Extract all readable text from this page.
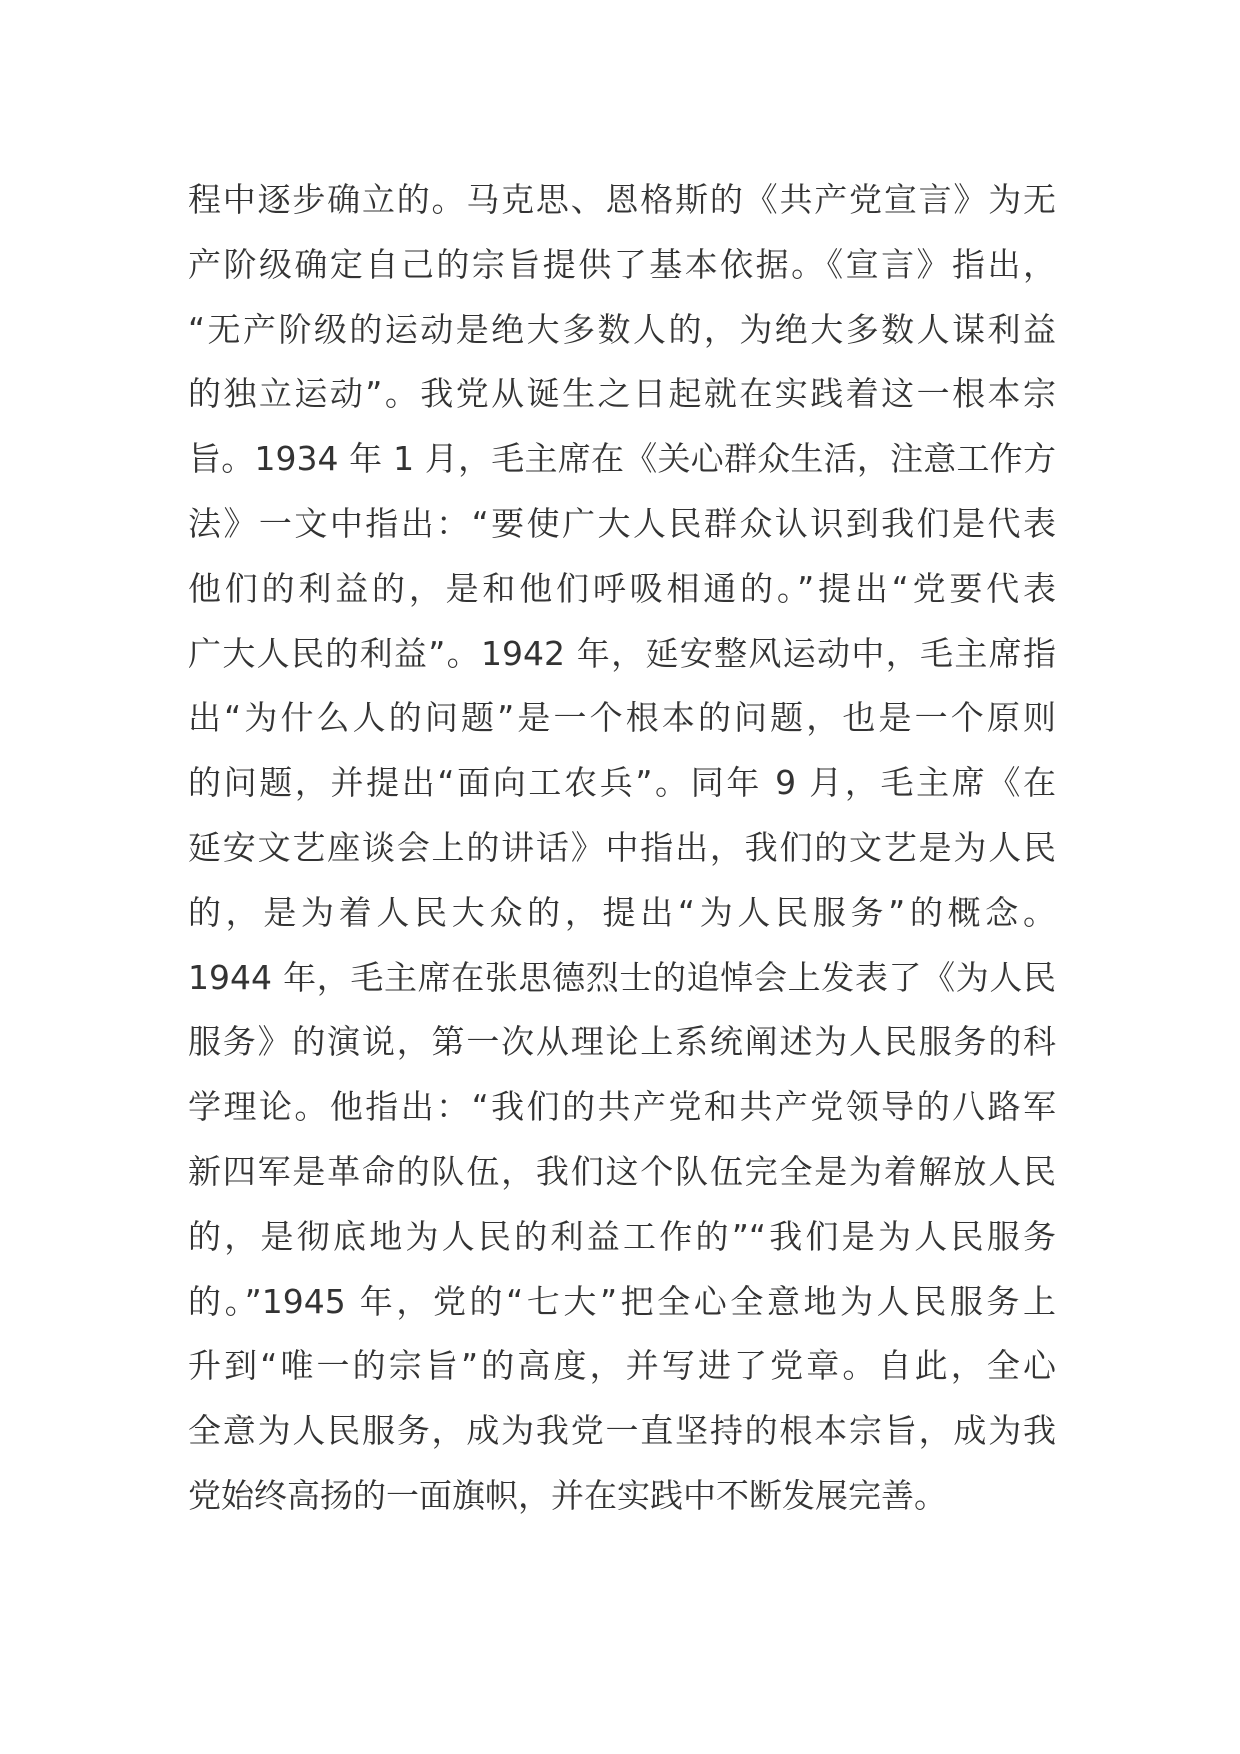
程中逐步确立的。马克思、恩格斯的《共产党宣言》为无
产阶级确定自己的宗旨提供了基本依据。《宣言》指出，
“无产阶级的运动是绝大多数人的，为绝大多数人谋利益
的独立运动”。我党从诞生之日起就在实践着这一根本宗
旨。1934 年 1 月，毛主席在《关心群众生活，注意工作方
法》一文中指出：“要使广大人民群众认识到我们是代表
他们的利益的，是和他们呼吸相通的。”提出“党要代表
广大人民的利益”。1942 年，延安整风运动中，毛主席指
出“为什么人的问题”是一个根本的问题，也是一个原则
的问题，并提出“面向工农兵”。同年 9 月，毛主席《在
延安文艺座谈会上的讲话》中指出，我们的文艺是为人民
的，是为着人民大众的，提出“为人民服务”的概念。
1944 年，毛主席在张思德烈士的追悼会上发表了《为人民
服务》的演说，第一次从理论上系统阐述为人民服务的科
学理论。他指出：“我们的共产党和共产党领导的八路军
新四军是革命的队伍，我们这个队伍完全是为着解放人民
的，是彻底地为人民的利益工作的”“我们是为人民服务
的。”1945 年，党的“七大”把全心全意地为人民服务上
升到“唯一的宗旨”的高度，并写进了党章。自此，全心
全意为人民服务，成为我党一直坚持的根本宗旨，成为我
党始终高扬的一面旗帜，并在实践中不断发展完善。
